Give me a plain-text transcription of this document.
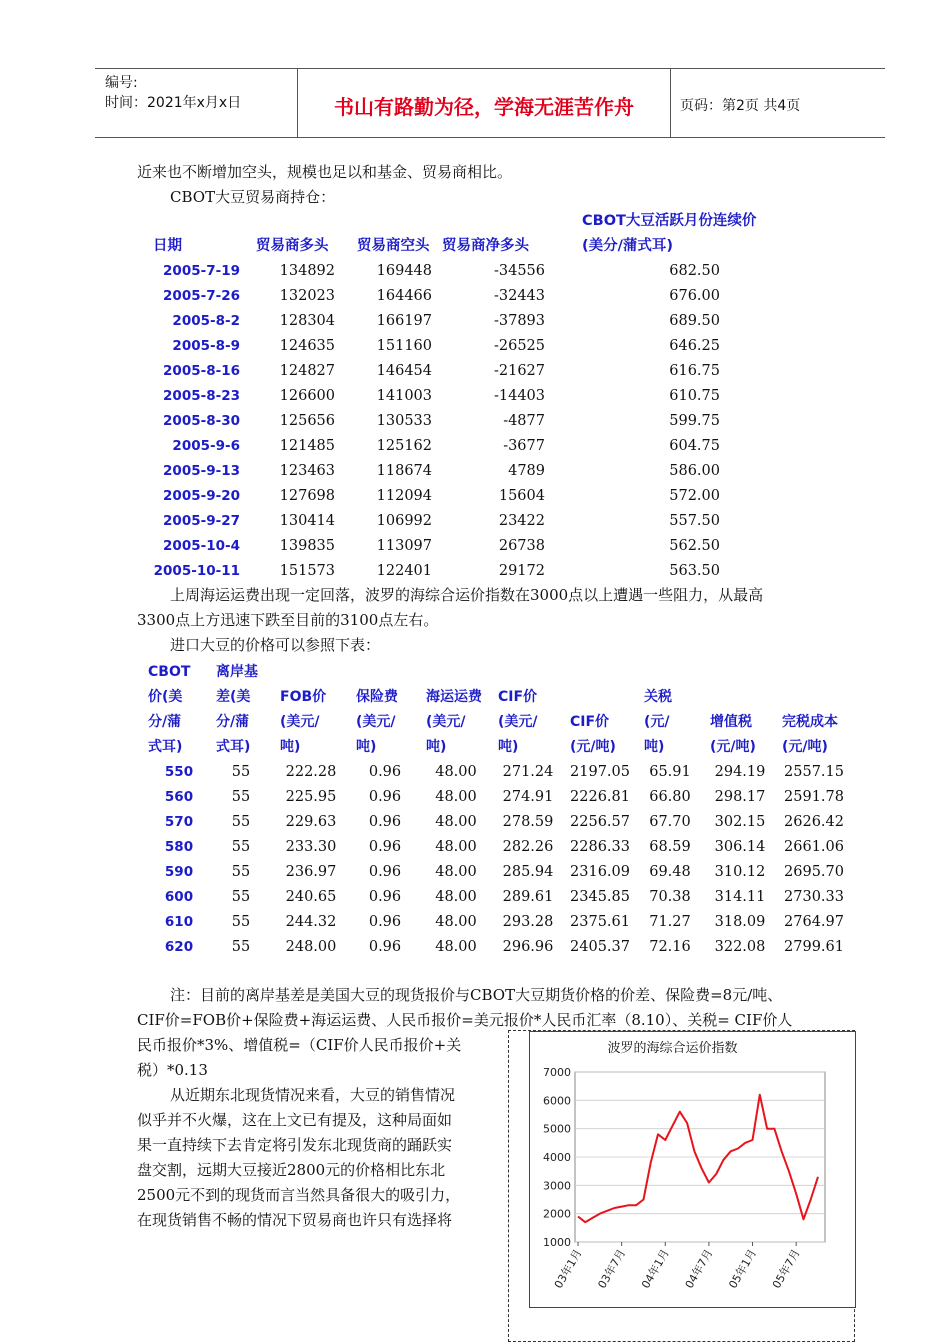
编号:
时间：2021年x月x日	书山有路勤为径，学海无涯苦作舟	页码：第2页 共4页

近来也不断增加空头，规模也足以和基金、贸易商相比。

CBOT大豆贸易商持仓：

日期	贸易商多头	贸易商空头	贸易商净多头	CBOT大豆活跃月份连续价(美分/蒲式耳)

2005-7-19	134892	169448	-34556	682.50
2005-7-26	132023	164466	-32443	676.00
2005-8-2	128304	166197	-37893	689.50
2005-8-9	124635	151160	-26525	646.25
2005-8-16	124827	146454	-21627	616.75
2005-8-23	126600	141003	-14403	610.75
2005-8-30	125656	130533	-4877	599.75
2005-9-6	121485	125162	-3677	604.75
2005-9-13	123463	118674	4789	586.00
2005-9-20	127698	112094	15604	572.00
2005-9-27	130414	106992	23422	557.50
2005-10-4	139835	113097	26738	562.50
2005-10-11	151573	122401	29172	563.50

上周海运运费出现一定回落，波罗的海综合运价指数在3000点以上遭遇一些阻力，从最高

3300点上方迅速下跌至目前的3100点左右。

进口大豆的价格可以参照下表：

CBOT价(美分/蒲式耳)	离岸基差(美分/蒲式耳)	FOB价(美元/吨)	保险费(美元/吨)	海运运费(美元/吨)	CIF价(美元/吨)	CIF价(元/吨)	关税(元/吨)	增值税(元/吨)	完税成本(元/吨)

550	55	222.28	0.96	48.00	271.24	2197.05	65.91	294.19	2557.15
560	55	225.95	0.96	48.00	274.91	2226.81	66.80	298.17	2591.78
570	55	229.63	0.96	48.00	278.59	2256.57	67.70	302.15	2626.42
580	55	233.30	0.96	48.00	282.26	2286.33	68.59	306.14	2661.06
590	55	236.97	0.96	48.00	285.94	2316.09	69.48	310.12	2695.70
600	55	240.65	0.96	48.00	289.61	2345.85	70.38	314.11	2730.33
610	55	244.32	0.96	48.00	293.28	2375.61	71.27	318.09	2764.97
620	55	248.00	0.96	48.00	296.96	2405.37	72.16	322.08	2799.61

注：目前的离岸基差是美国大豆的现货报价与CBOT大豆期货价格的价差、保险费=8元/吨、

CIF价=FOB价+保险费+海运运费、人民币报价=美元报价*人民币汇率（8.10）、关税= CIF价人

民币报价*3%、增值税=（CIF价人民币报价+关

税）*0.13

从近期东北现货情况来看，大豆的销售情况

似乎并不火爆，这在上文已有提及，这种局面如

果一直持续下去肯定将引发东北现货商的踊跃实

盘交割，远期大豆接近2800元的价格相比东北

2500元不到的现货而言当然具备很大的吸引力，

在现货销售不畅的情况下贸易商也许只有选择将

波罗的海综合运价指数
7000
6000
5000
4000
3000
2000
1000
03年1月 03年7月 04年1月 04年7月 05年1月 05年7月
